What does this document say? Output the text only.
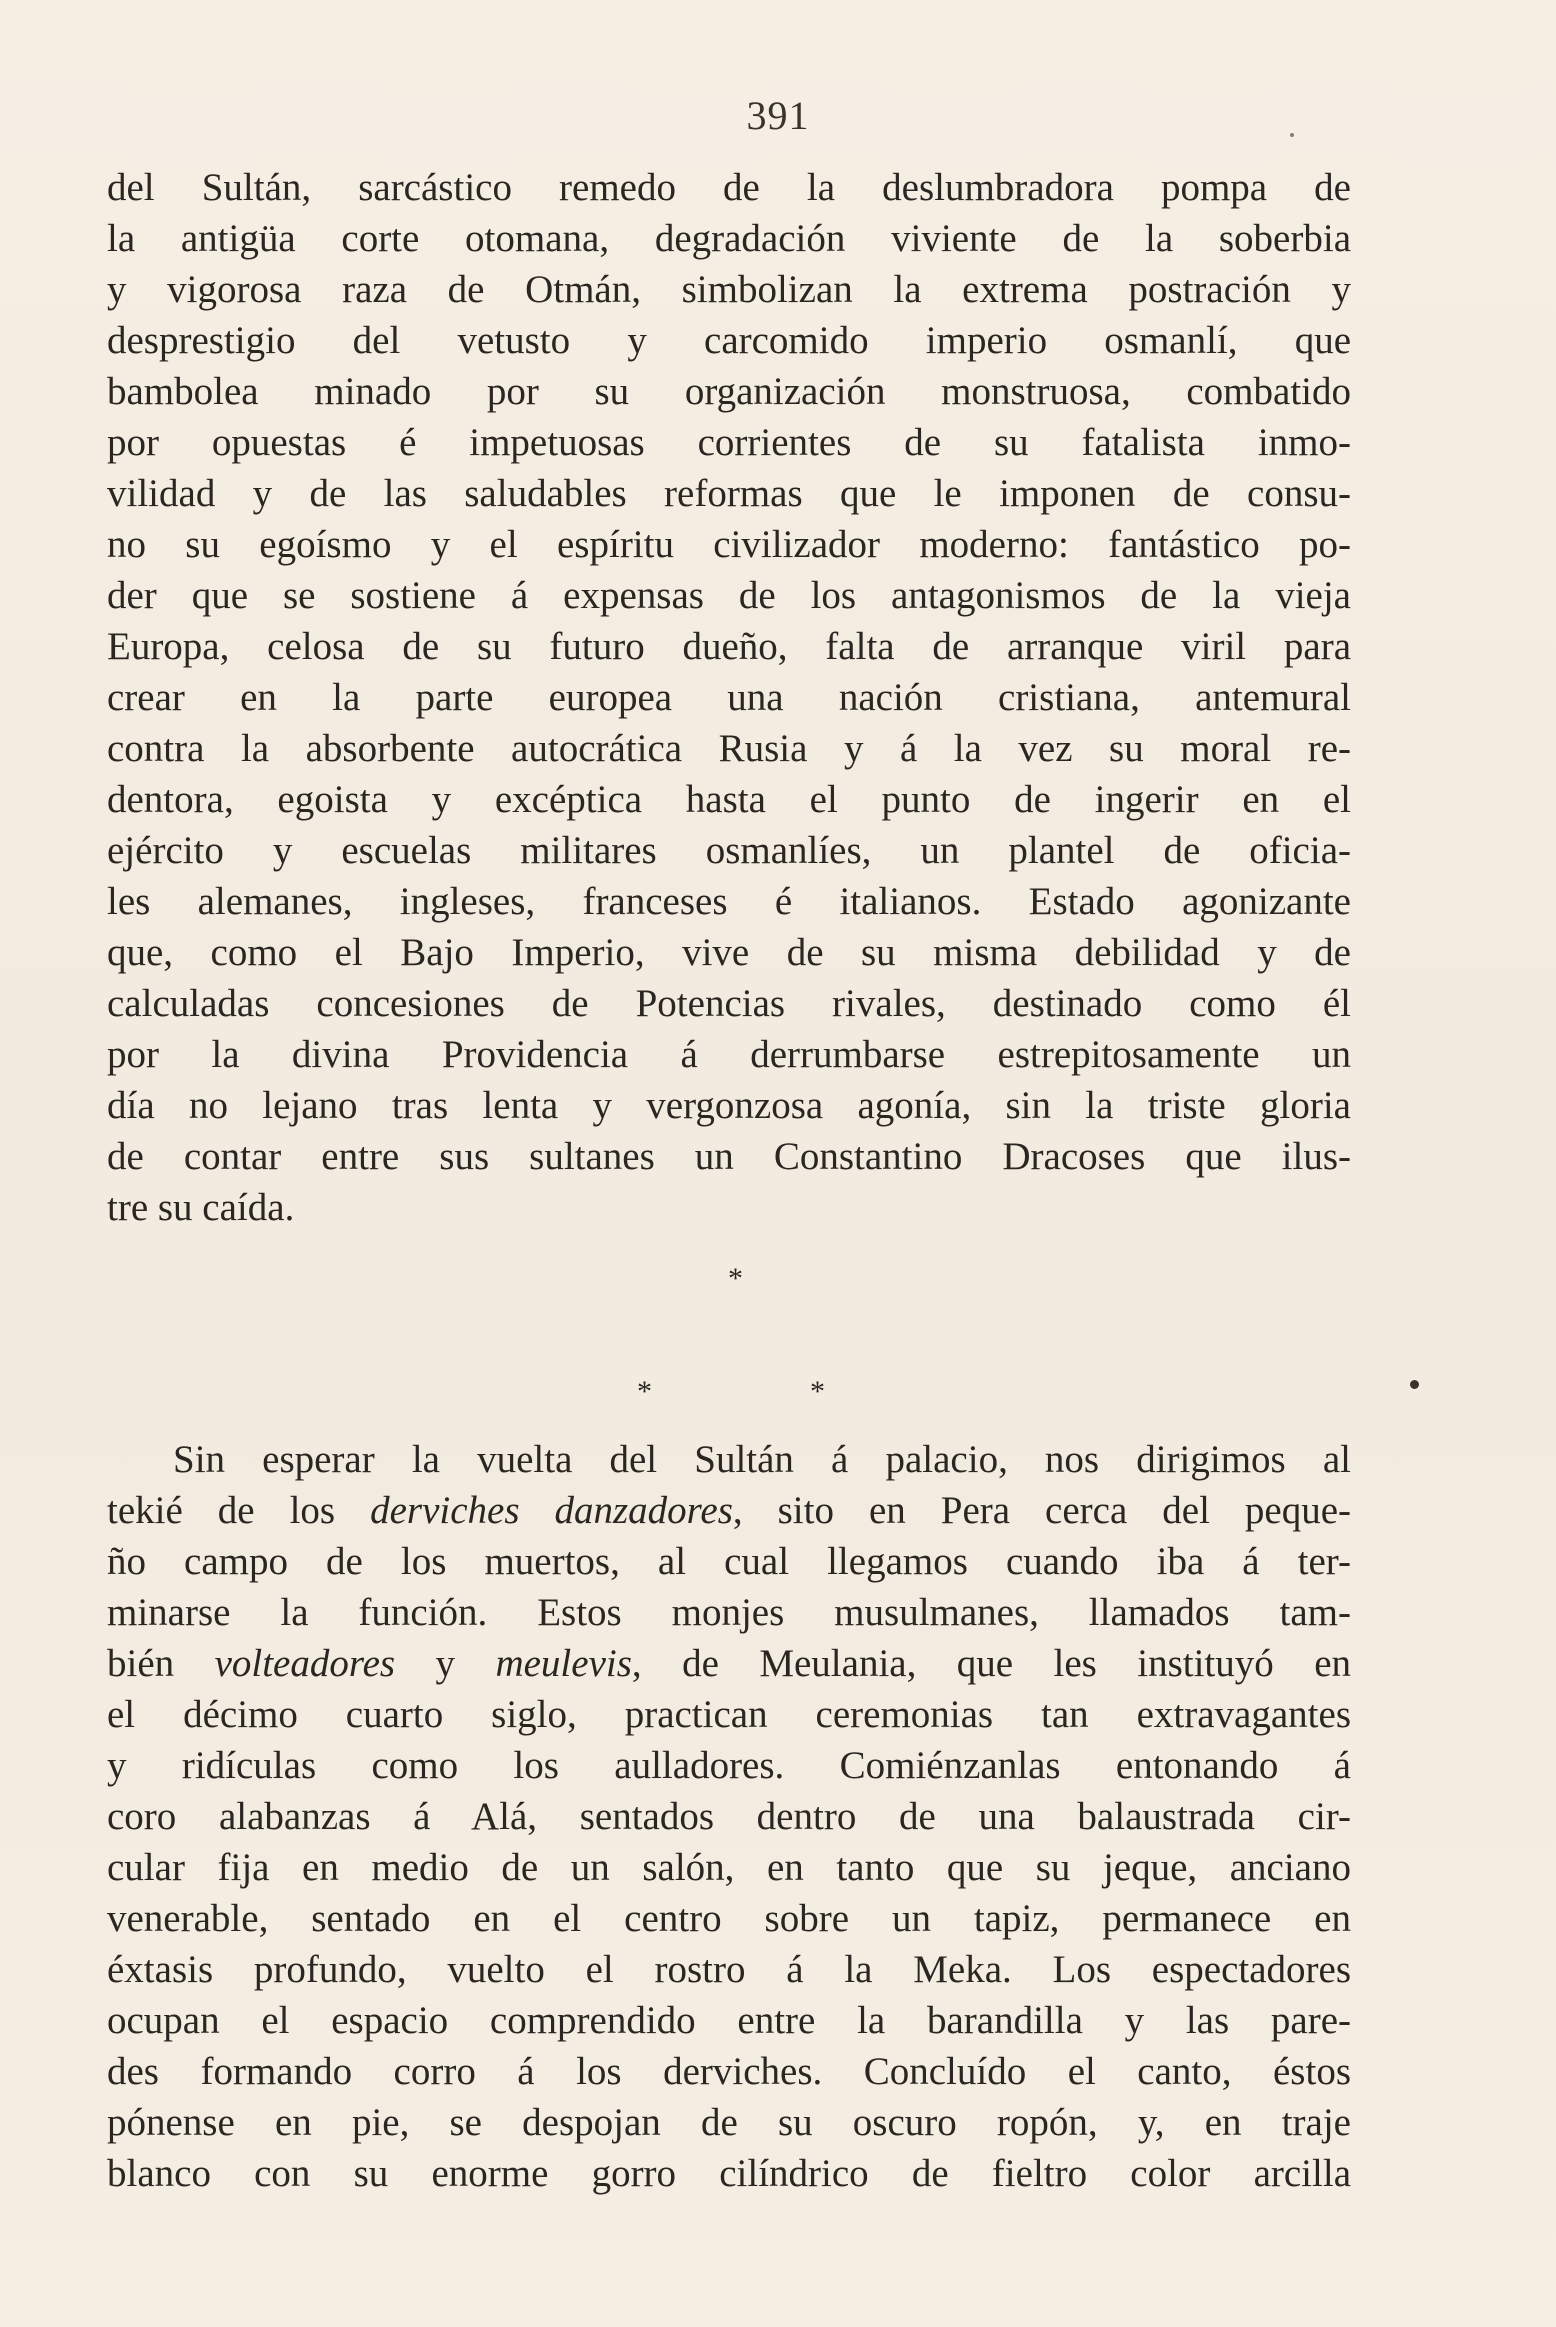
391
del Sultán, sarcástico remedo de la deslumbradora pompa de
la antigüa corte otomana, degradación viviente de la soberbia
y vigorosa raza de Otmán, simbolizan la extrema postración y
desprestigio del vetusto y carcomido imperio osmanlí, que
bambolea minado por su organización monstruosa, combatido
por opuestas é impetuosas corrientes de su fatalista inmo-
vilidad y de las saludables reformas que le imponen de consu-
no su egoísmo y el espíritu civilizador moderno: fantástico po-
der que se sostiene á expensas de los antagonismos de la vieja
Europa, celosa de su futuro dueño, falta de arranque viril para
crear en la parte europea una nación cristiana, antemural
contra la absorbente autocrática Rusia y á la vez su moral re-
dentora, egoista y excéptica hasta el punto de ingerir en el
ejército y escuelas militares osmanlíes, un plantel de oficia-
les alemanes, ingleses, franceses é italianos. Estado agonizante
que, como el Bajo Imperio, vive de su misma debilidad y de
calculadas concesiones de Potencias rivales, destinado como él
por la divina Providencia á derrumbarse estrepitosamente un
día no lejano tras lenta y vergonzosa agonía, sin la triste gloria
de contar entre sus sultanes un Constantino Dracoses que ilus-
tre su caída.
*
*	*
Sin esperar la vuelta del Sultán á palacio, nos dirigimos al
tekié de los derviches danzadores, sito en Pera cerca del peque-
ño campo de los muertos, al cual llegamos cuando iba á ter-
minarse la función. Estos monjes musulmanes, llamados tam-
bién volteadores y meulevis, de Meulania, que les instituyó en
el décimo cuarto siglo, practican ceremonias tan extravagantes
y ridículas como los aulladores. Comiénzanlas entonando á
coro alabanzas á Alá, sentados dentro de una balaustrada cir-
cular fija en medio de un salón, en tanto que su jeque, anciano
venerable, sentado en el centro sobre un tapiz, permanece en
éxtasis profundo, vuelto el rostro á la Meka. Los espectadores
ocupan el espacio comprendido entre la barandilla y las pare-
des formando corro á los derviches. Concluído el canto, éstos
pónense en pie, se despojan de su oscuro ropón, y, en traje
blanco con su enorme gorro cilíndrico de fieltro color arcilla
